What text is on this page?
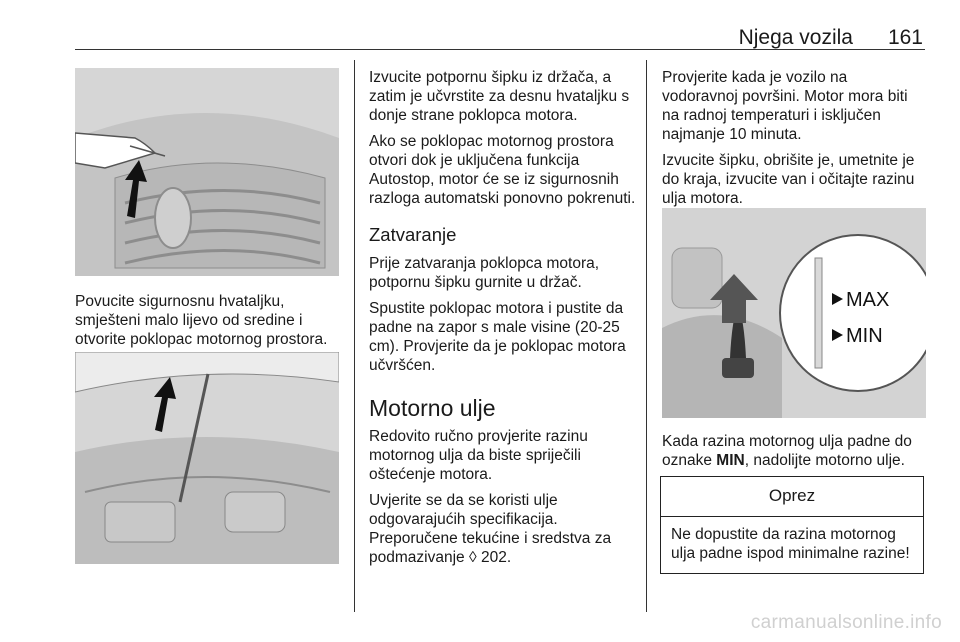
Njega vozila 161

Povucite sigurnosnu hvataljku, smješteni malo lijevo od sredine i otvorite poklopac motornog prostora.

Izvucite potpornu šipku iz držača, a zatim je učvrstite za desnu hvataljku s donje strane poklopca motora.

Ako se poklopac motornog prostora otvori dok je uključena funkcija Autostop, motor će se iz sigurnosnih razloga automatski ponovno pokrenuti.

Zatvaranje

Prije zatvaranja poklopca motora, potpornu šipku gurnite u držač.

Spustite poklopac motora i pustite da padne na zapor s male visine (20-25 cm). Provjerite da je poklopac motora učvršćen.

Motorno ulje

Redovito ručno provjerite razinu motornog ulja da biste spriječili oštećenje motora.

Uvjerite se da se koristi ulje odgovarajućih specifikacija. Preporučene tekućine i sredstva za podmazivanje ◊ 202.

Provjerite kada je vozilo na vodoravnoj površini. Motor mora biti na radnoj temperaturi i isključen najmanje 10 minuta.

Izvucite šipku, obrišite je, umetnite je do kraja, izvucite van i očitajte razinu ulja motora.

MAX
MIN

Kada razina motornog ulja padne do oznake MIN, nadolijte motorno ulje.

Oprez
Ne dopustite da razina motornog ulja padne ispod minimalne razine!
carmanualsonline.info
